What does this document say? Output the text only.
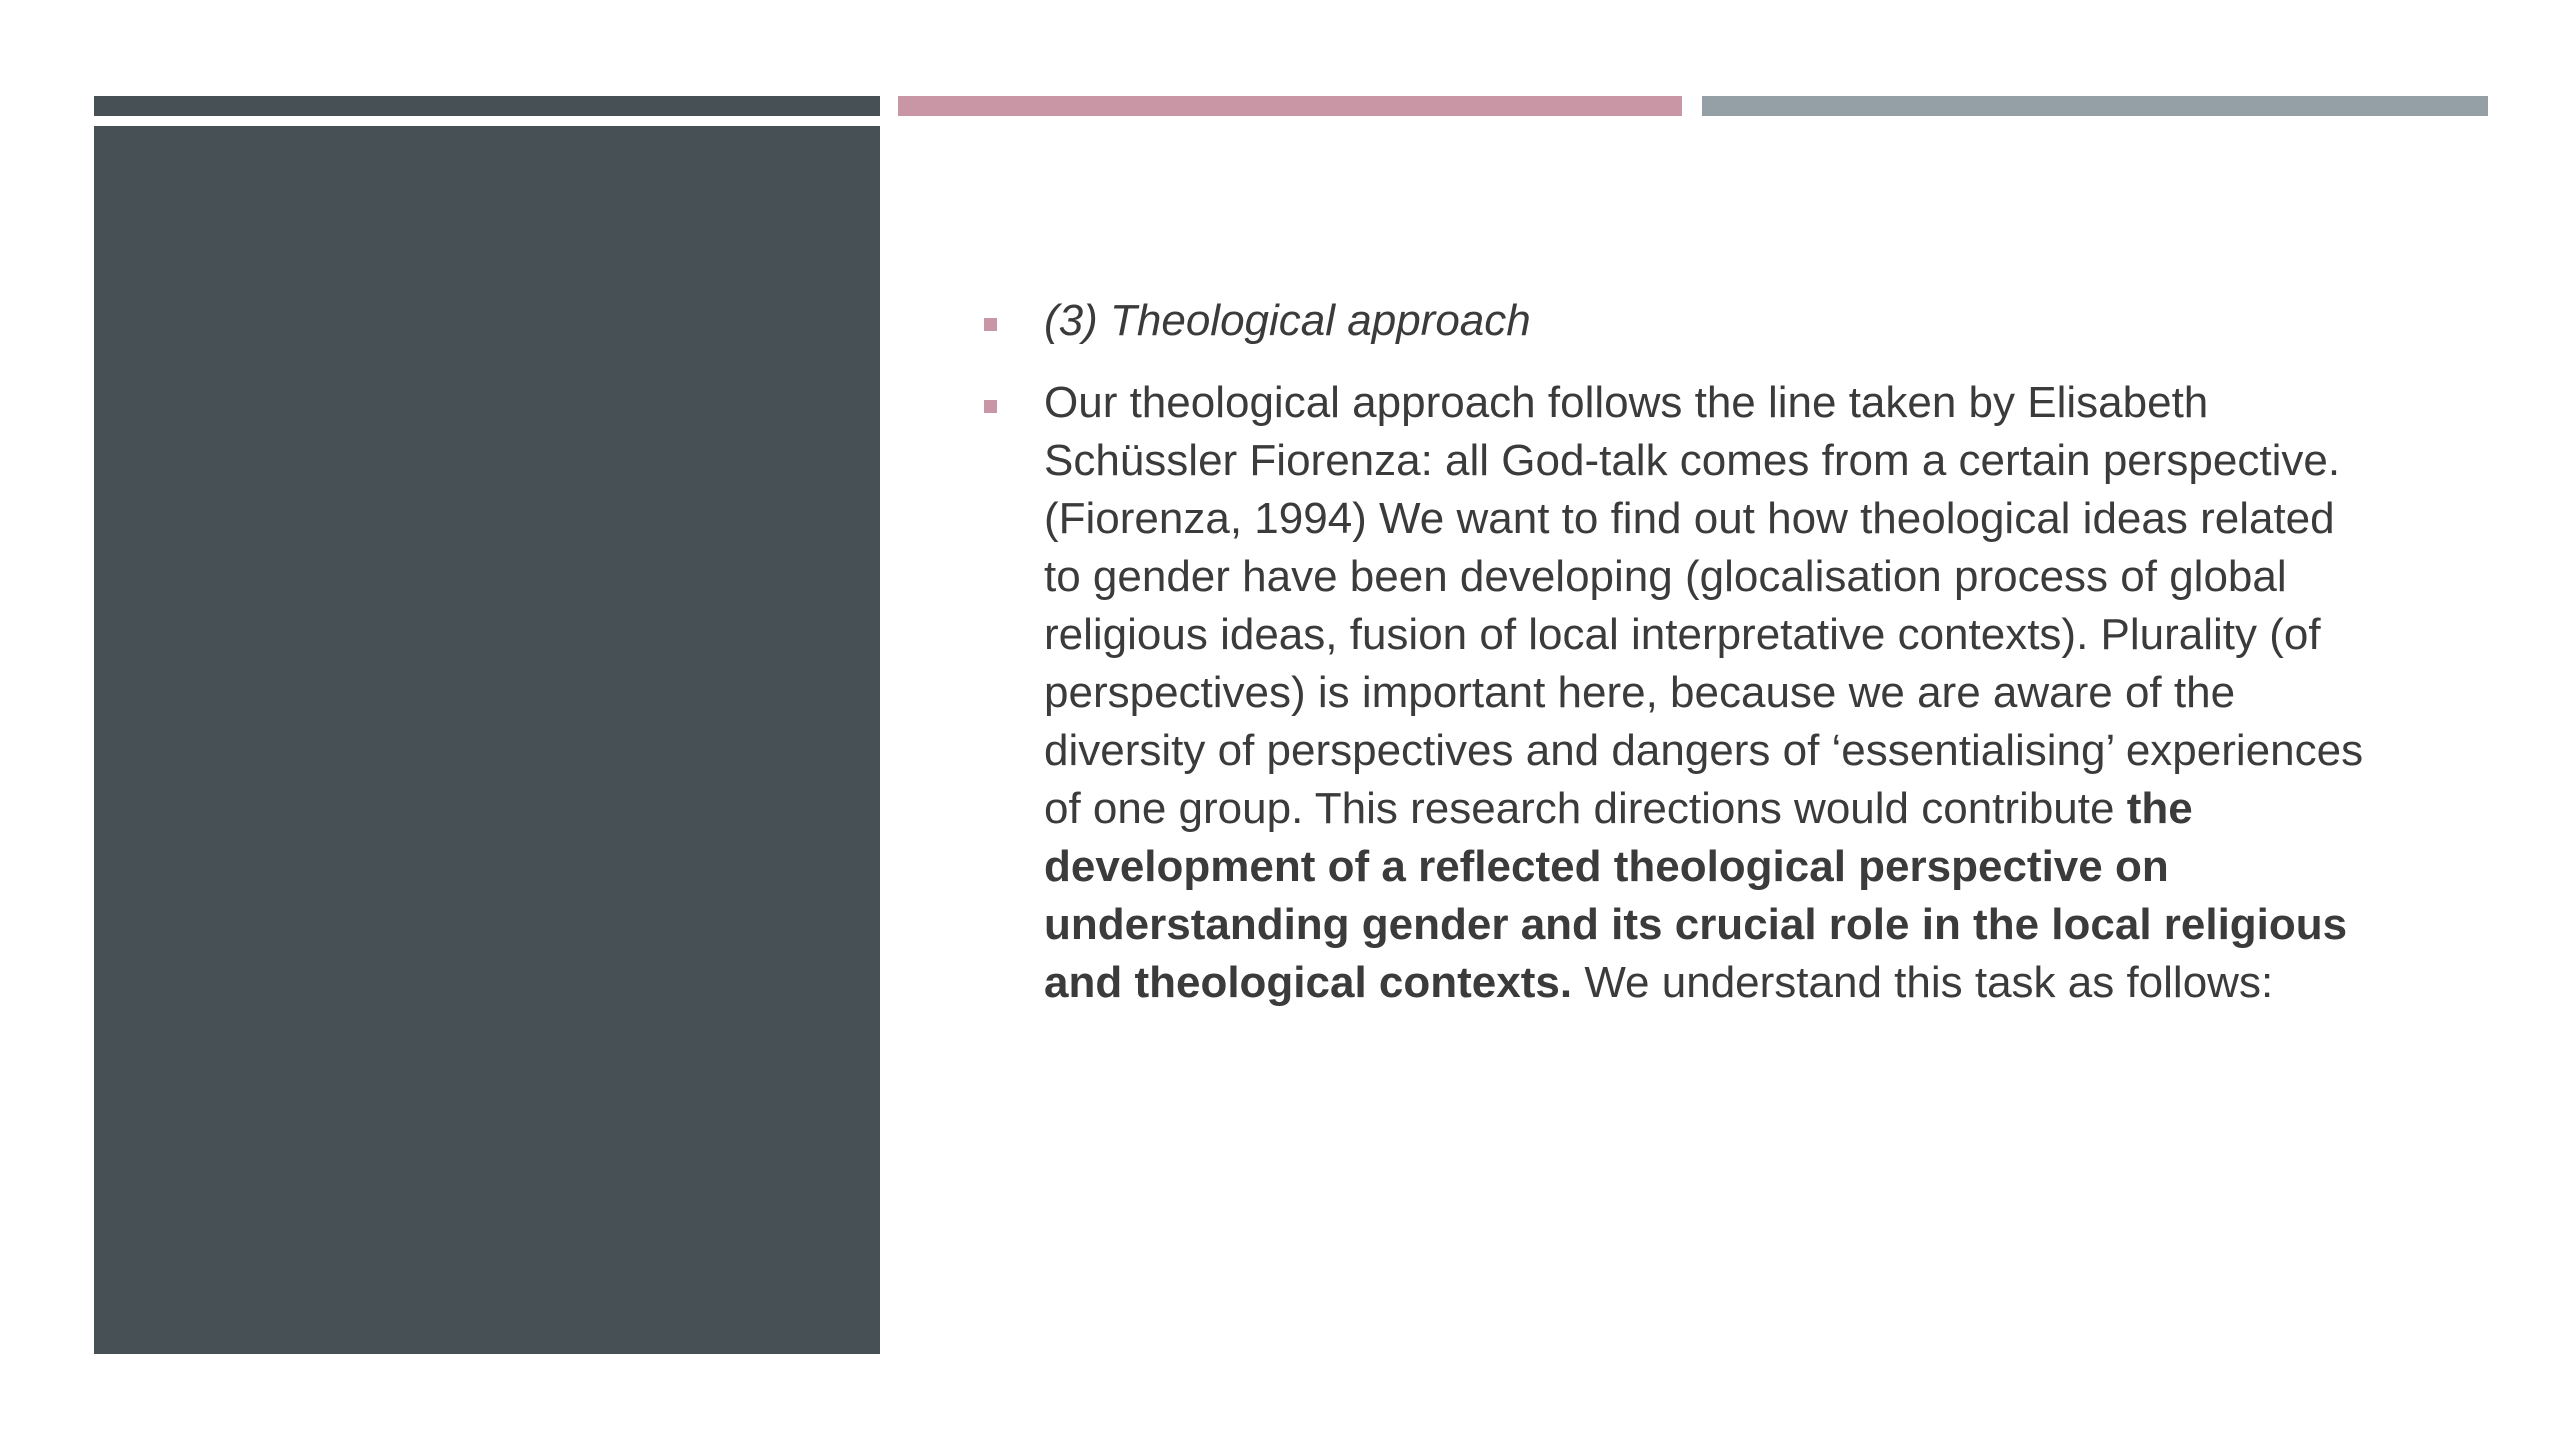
(3) Theological approach
Our theological approach follows the line taken by Elisabeth Schüssler Fiorenza: all God-talk comes from a certain perspective. (Fiorenza, 1994) We want to find out how theological ideas related to gender have been developing (glocalisation process of global religious ideas, fusion of local interpretative contexts). Plurality (of perspectives) is important here, because we are aware of the diversity of perspectives and dangers of ‘essentialising’ experiences of one group. This research directions would contribute the development of a reflected theological perspective on understanding gender and its crucial role in the local religious and theological contexts. We understand this task as follows:
